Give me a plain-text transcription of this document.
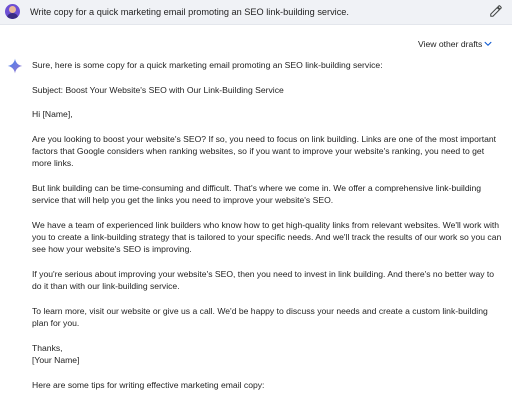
Write copy for a quick marketing email promoting an SEO link-building service.
View other drafts

Sure, here is some copy for a quick marketing email promoting an SEO link-building service:

Subject: Boost Your Website's SEO with Our Link-Building Service

Hi [Name],

Are you looking to boost your website's SEO? If so, you need to focus on link building. Links are one of the most important factors that Google considers when ranking websites, so if you want to improve your website's ranking, you need to get more links.

But link building can be time-consuming and difficult. That's where we come in. We offer a comprehensive link-building service that will help you get the links you need to improve your website's SEO.

We have a team of experienced link builders who know how to get high-quality links from relevant websites. We'll work with you to create a link-building strategy that is tailored to your specific needs. And we'll track the results of our work so you can see how your website's SEO is improving.

If you're serious about improving your website's SEO, then you need to invest in link building. And there's no better way to do it than with our link-building service.

To learn more, visit our website or give us a call. We'd be happy to discuss your needs and create a custom link-building plan for you.

Thanks,

[Your Name]

Here are some tips for writing effective marketing email copy:
